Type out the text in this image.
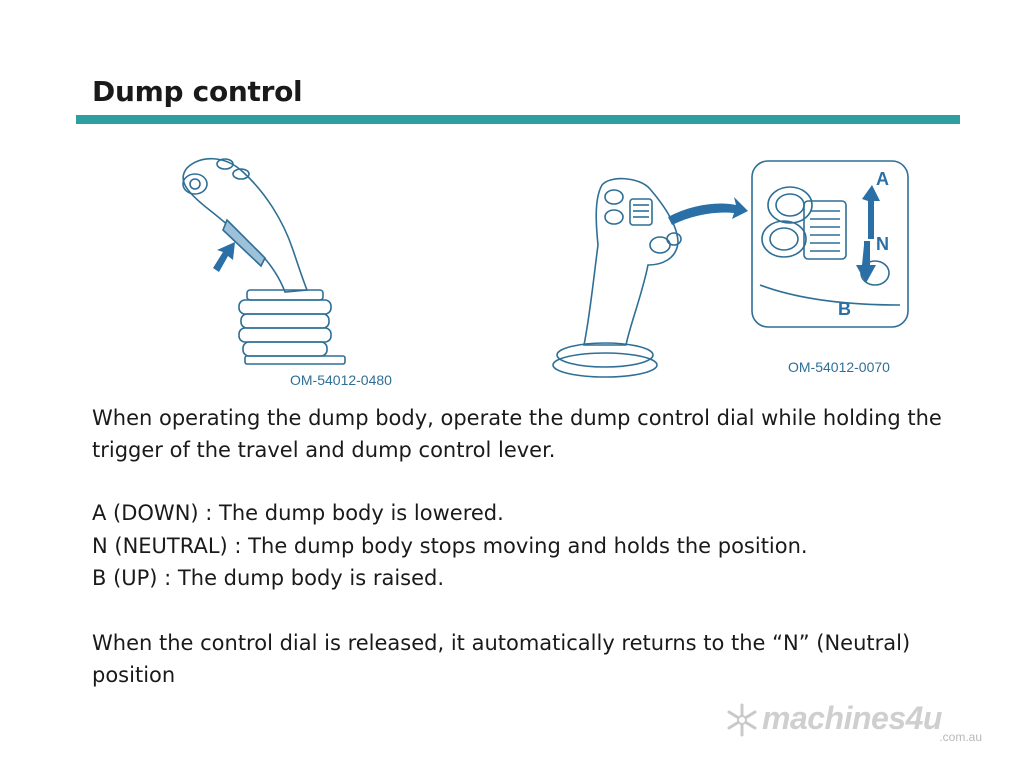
Dump control
OM-54012-0480
A
N
B
OM-54012-0070

When operating the dump body, operate the dump control dial while holding the trigger of the travel and dump control lever.

A (DOWN) : The dump body is lowered.
N (NEUTRAL) : The dump body stops moving and holds the position.
B (UP) : The dump body is raised.

When the control dial is released, it automatically returns to the “N” (Neutral) position

machines4u
.com.au
